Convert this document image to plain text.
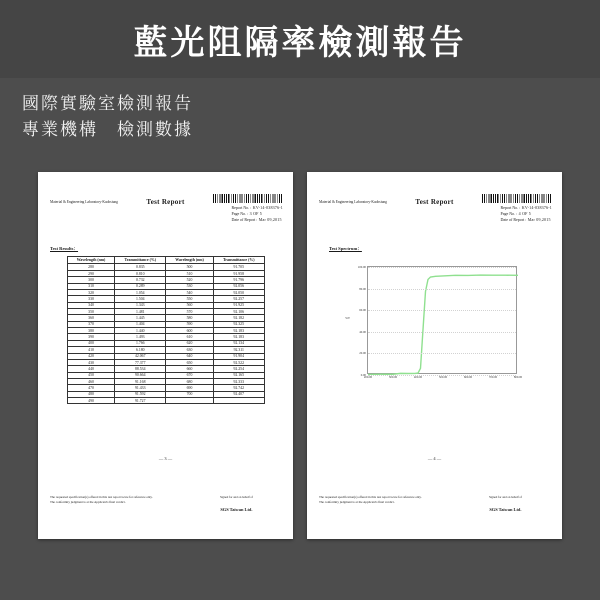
藍光阻隔率檢測報告
國際實驗室檢測報告
專業機構　檢測數據
Material & Engineering Laboratory-Kaohsiung	Test Report
Report No. : KV-14-038376-1
Page No. : 3 OF 5
Date of Report : Mar 09,2015
Test Results：
Wavelength (nm)	Transmittance (%)	Wavelength (nm)	Transmittance (%)
280	0.835	500	91.705
290	0.810	510	91.958
300	0.732	520	91.796
310	0.289	530	92.056
320	1.054	540	92.050
330	1.504	550	92.257
340	1.343	560	91.925
350	1.481	570	92.106
360	1.445	580	92.182
370	1.404	590	92.325
380	1.440	600	92.183
390	1.493	610	92.183
400	1.766	620	92.134
410	6.180	630	92.311
420	42.067	640	91.904
430	77.377	650	92.522
440	88.534	660	92.254
450	90.664	670	92.165
460	91.168	680	92.333
470	91.433	690	92.742
480	91.592	700	92.407
490	91.727		
— 3 —
The requested specification(s) offered in this test report is/are for reference only.
The conformity judgment is at the Applicant's final verdict.
Signed for and on behalf of
SGS Taiwan Ltd.
Material & Engineering Laboratory-Kaohsiung	Test Report
Report No. : KV-14-038376-1
Page No. : 4 OF 5
Date of Report : Mar 09,2015
Test Spectrum：
%T
100.00
80.00
60.00
40.00
20.00
0.00
200.00	300.00	400.00	500.00	600.00	700.00	800.00
— 4 —
The requested specification(s) offered in this test report is/are for reference only.
The conformity judgment is at the Applicant's final verdict.
Signed for and on behalf of
SGS Taiwan Ltd.
